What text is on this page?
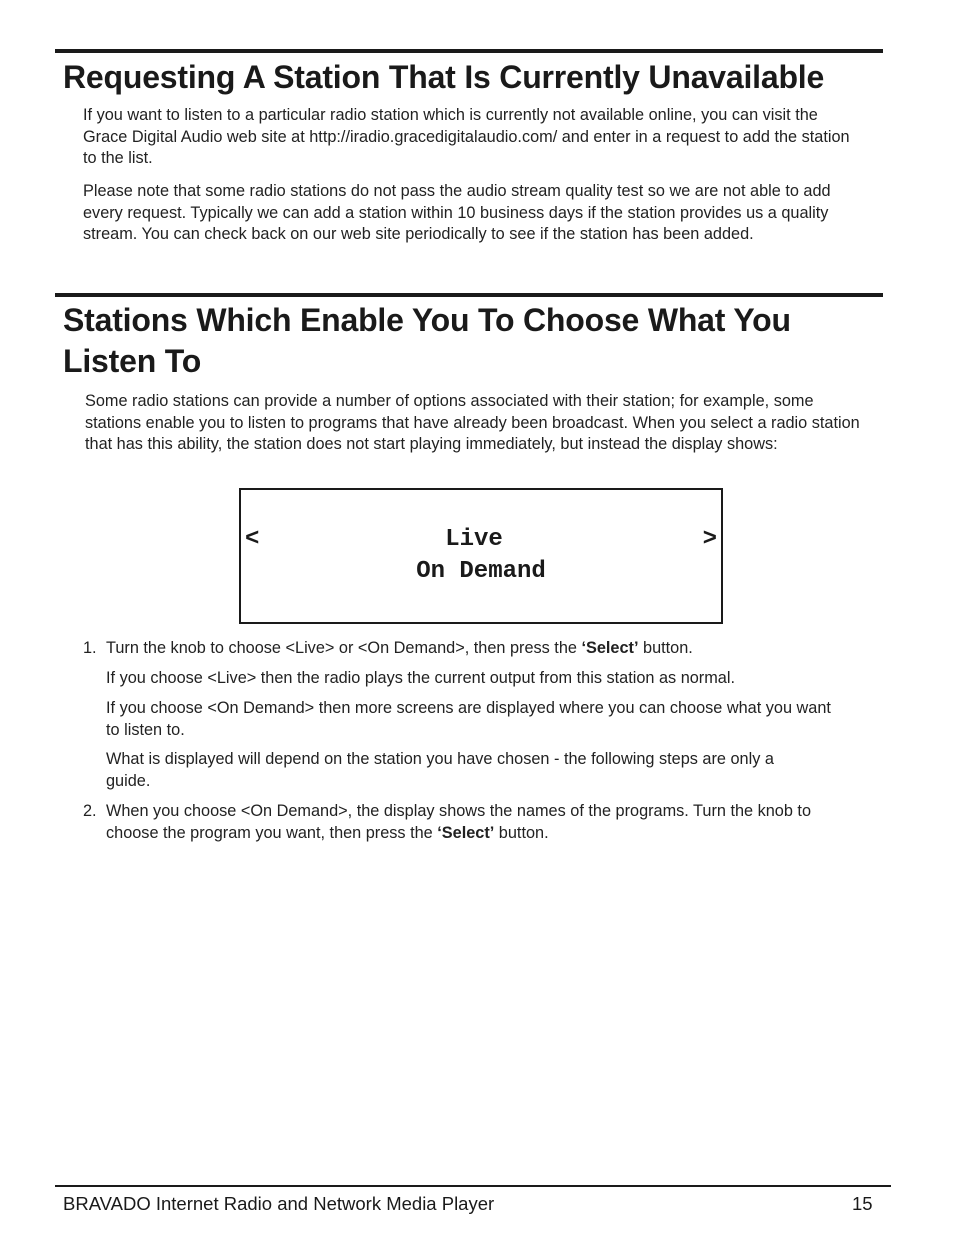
Requesting A Station That Is Currently Unavailable

If you want to listen to a particular radio station which is currently not available online, you can visit the Grace Digital Audio web site at http://iradio.gracedigitalaudio.com/ and enter in a request to add the station to the list.

Please note that some radio stations do not pass the audio stream quality test so we are not able to add every request. Typically we can add a station within 10 business days if the station provides us a quality stream. You can check back on our web site periodically to see if the station has been added.

Stations Which Enable You To Choose What You
Listen To

Some radio stations can provide a number of options associated with their station; for example, some stations enable you to listen to programs that have already been broadcast. When you select a radio station that has this ability, the station does not start playing immediately, but instead the display shows:

<	>
Live
On Demand
1. Turn the knob to choose <Live> or <On Demand>, then press the ‘Select’ button.

If you choose <Live> then the radio plays the current output from this station as normal.

If you choose <On Demand> then more screens are displayed where you can choose what you want to listen to.

What is displayed will depend on the station you have chosen - the following steps are only a guide.

2. When you choose <On Demand>, the display shows the names of the programs. Turn the knob to choose the program you want, then press the ‘Select’ button.

BRAVADO Internet Radio and Network Media Player	15
